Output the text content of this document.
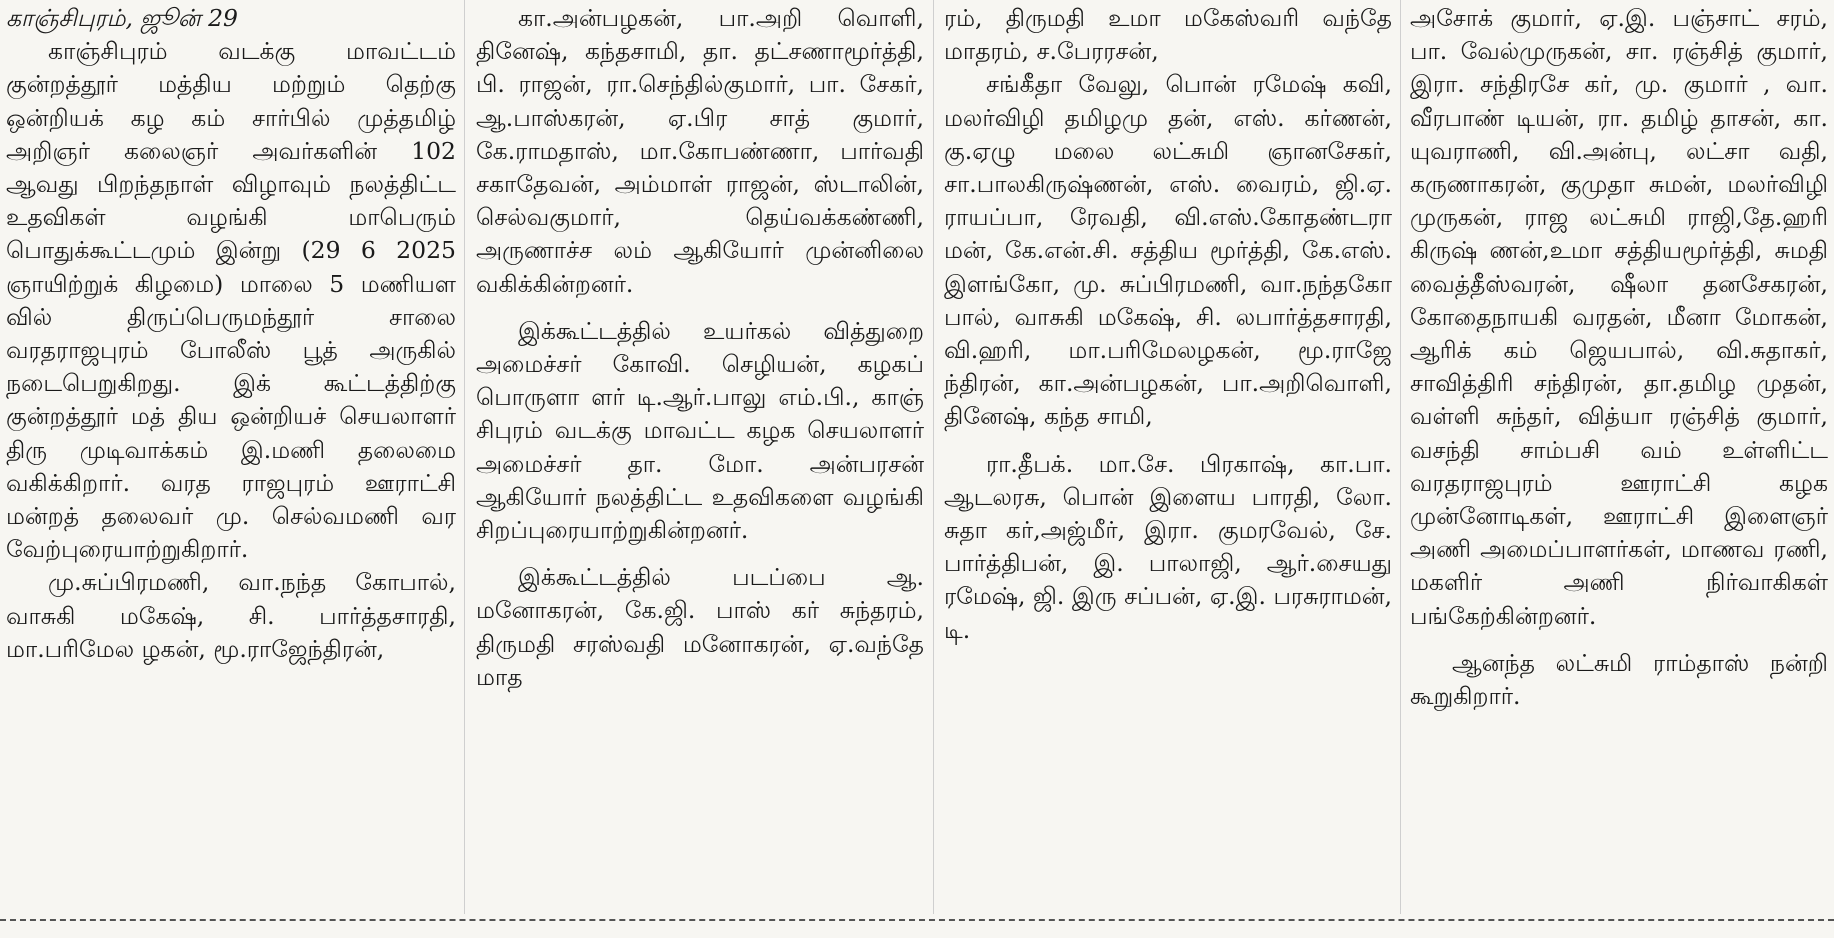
காஞ்சிபுரம், ஜூன் 29

காஞ்சிபுரம் வடக்கு மாவட்டம் குன்றத்தூர் மத்திய மற்றும் தெற்கு ஒன்றியக் கழ கம் சார்பில் முத்தமிழ் அறிஞர் கலைஞர் அவர்களின் 102 ஆவது பிறந்தநாள் விழாவும் நலத்திட்ட உதவிகள் வழங்கி மாபெரும் பொதுக்கூட்டமும் இன்று (29 6 2025 ஞாயிற்றுக் கிழமை) மாலை 5 மணியள வில் திருப்பெருமந்தூர் சாலை வரதராஜபுரம் போலீஸ் பூத் அருகில் நடைபெறுகிறது. இக் கூட்டத்திற்கு குன்றத்தூர் மத் திய ஒன்றியச் செயலாளர் திரு முடிவாக்கம் இ.மணி தலைமை வகிக்கிறார். வரத ராஜபுரம் ஊராட்சி மன்றத் தலைவர் மு. செல்வமணி வர வேற்புரையாற்றுகிறார்.

மு.சுப்பிரமணி, வா.நந்த கோபால், வாசுகி மகேஷ், சி. பார்த்தசாரதி, மா.பரிமேல ழகன், மூ.ராஜேந்திரன்,

கா.அன்பழகன், பா.அறி வொளி, தினேஷ், கந்தசாமி, தா. தட்சணாமூர்த்தி, பி. ராஜன், ரா.செந்தில்குமார், பா. சேகர், ஆ.பாஸ்கரன், ஏ.பிர சாத் குமார், கே.ராமதாஸ், மா.கோபண்ணா, பார்வதி சகாதேவன், அம்மாள் ராஜன், ஸ்டாலின், செல்வகுமார், தெய்வக்கண்ணி, அருணாச்ச லம் ஆகியோர் முன்னிலை வகிக்கின்றனர்.

இக்கூட்டத்தில் உயர்கல் வித்துறை அமைச்சர் கோவி. செழியன், கழகப் பொருளா ளர் டி.ஆர்.பாலு எம்.பி., காஞ் சிபுரம் வடக்கு மாவட்ட கழக செயலாளர் அமைச்சர் தா. மோ. அன்பரசன் ஆகியோர் நலத்திட்ட உதவிகளை வழங்கி சிறப்புரையாற்றுகின்றனர்.

இக்கூட்டத்தில் படப்பை ஆ. மனோகரன், கே.ஜி. பாஸ் கர் சுந்தரம், திருமதி சரஸ்வதி மனோகரன், ஏ.வந்தே மாத

ரம், திருமதி உமா மகேஸ்வரி வந்தே மாதரம், ச.பேரரசன்,

சங்கீதா வேலு, பொன் ரமேஷ் கவி, மலர்விழி தமிழமு தன், எஸ். கர்ணன், கு.ஏழு மலை லட்சுமி ஞானசேகர், சா.பாலகிருஷ்ணன், எஸ். வைரம், ஜி.ஏ. ராயப்பா, ரேவதி, வி.எஸ்.கோதண்டரா மன், கே.என்.சி. சத்திய மூர்த்தி, கே.எஸ். இளங்கோ, மு. சுப்பிரமணி, வா.நந்தகோ பால், வாசுகி மகேஷ், சி. லபார்த்தசாரதி, வி.ஹரி, மா.பரிமேலழகன், மூ.ராஜே ந்திரன், கா.அன்பழகன், பா.அறிவொளி, தினேஷ், கந்த சாமி,

ரா.தீபக். மா.சே. பிரகாஷ், கா.பா. ஆடலரசு, பொன் இளைய பாரதி, லோ. சுதா கர்,அஜ்மீர், இரா. குமரவேல், சே. பார்த்திபன், இ. பாலாஜி, ஆர்.சையது ரமேஷ், ஜி. இரு சப்பன், ஏ.இ. பரசுராமன், டி.

அசோக் குமார், ஏ.இ. பஞ்சாட் சரம், பா. வேல்முருகன், சா. ரஞ்சித் குமார், இரா. சந்திரசே கர், மு. குமார் , வா. வீரபாண் டியன், ரா. தமிழ் தாசன், கா. யுவராணி, வி.அன்பு, லட்சா வதி, கருணாகரன், குமுதா சுமன், மலர்விழி முருகன், ராஜ லட்சுமி ராஜி,தே.ஹரி கிருஷ் ணன்,உமா சத்தியமூர்த்தி, சுமதி வைத்தீஸ்வரன், ஷீலா தனசேகரன், கோதைநாயகி வரதன், மீனா மோகன், ஆரிக் கம் ஜெயபால், வி.சுதாகர், சாவித்திரி சந்திரன், தா.தமிழ முதன், வள்ளி சுந்தர், வித்யா ரஞ்சித் குமார், வசந்தி சாம்பசி வம் உள்ளிட்ட வரதராஜபுரம் ஊராட்சி கழக முன்னோடிகள், ஊராட்சி இளைஞர் அணி அமைப்பாளர்கள், மாணவ ரணி, மகளிர் அணி நிர்வாகிகள் பங்கேற்கின்றனர்.

ஆனந்த லட்சுமி ராம்தாஸ் நன்றி கூறுகிறார்.
